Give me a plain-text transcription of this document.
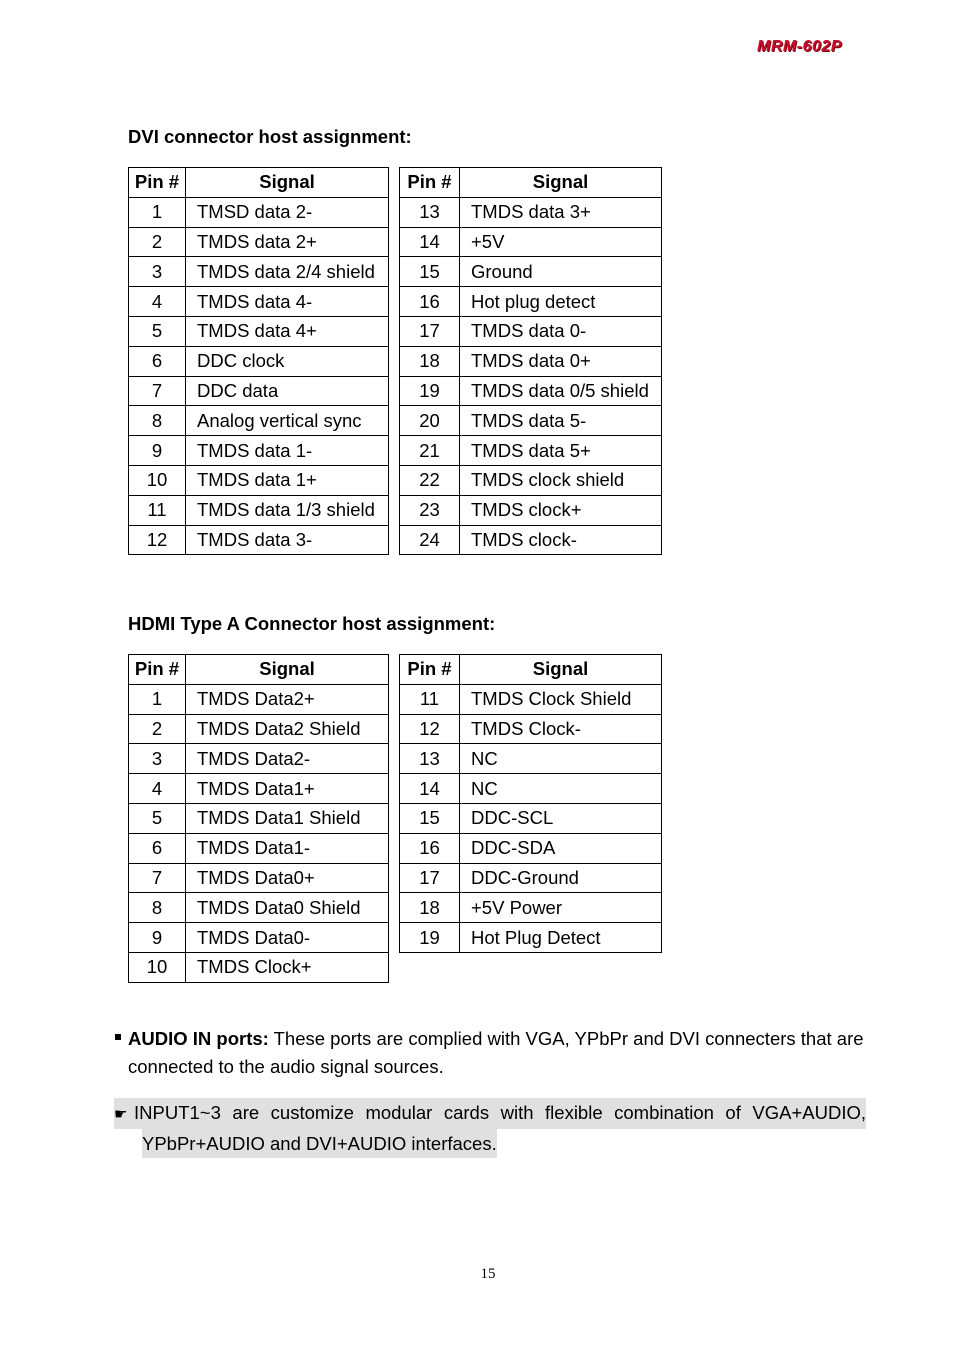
MRM-602P
DVI connector host assignment:
Pin #	Signal
1	TMSD data 2-
2	TMDS data 2+
3	TMDS data 2/4 shield
4	TMDS data 4-
5	TMDS data 4+
6	DDC clock
7	DDC data
8	Analog vertical sync
9	TMDS data 1-
10	TMDS data 1+
11	TMDS data 1/3 shield
12	TMDS data 3-
Pin #	Signal
13	TMDS data 3+
14	+5V
15	Ground
16	Hot plug detect
17	TMDS data 0-
18	TMDS data 0+
19	TMDS data 0/5 shield
20	TMDS data 5-
21	TMDS data 5+
22	TMDS clock shield
23	TMDS clock+
24	TMDS clock-
HDMI Type A Connector host assignment:
Pin #	Signal
1	TMDS Data2+
2	TMDS Data2 Shield
3	TMDS Data2-
4	TMDS Data1+
5	TMDS Data1 Shield
6	TMDS Data1-
7	TMDS Data0+
8	TMDS Data0 Shield
9	TMDS Data0-
10	TMDS Clock+
Pin #	Signal
11	TMDS Clock Shield
12	TMDS Clock-
13	NC
14	NC
15	DDC-SCL
16	DDC-SDA
17	DDC-Ground
18	+5V Power
19	Hot Plug Detect
AUDIO IN ports: These ports are complied with VGA, YPbPr and DVI connecters that are connected to the audio signal sources.
☛ INPUT1~3 are customize modular cards with flexible combination of VGA+AUDIO,
YPbPr+AUDIO and DVI+AUDIO interfaces.
15
